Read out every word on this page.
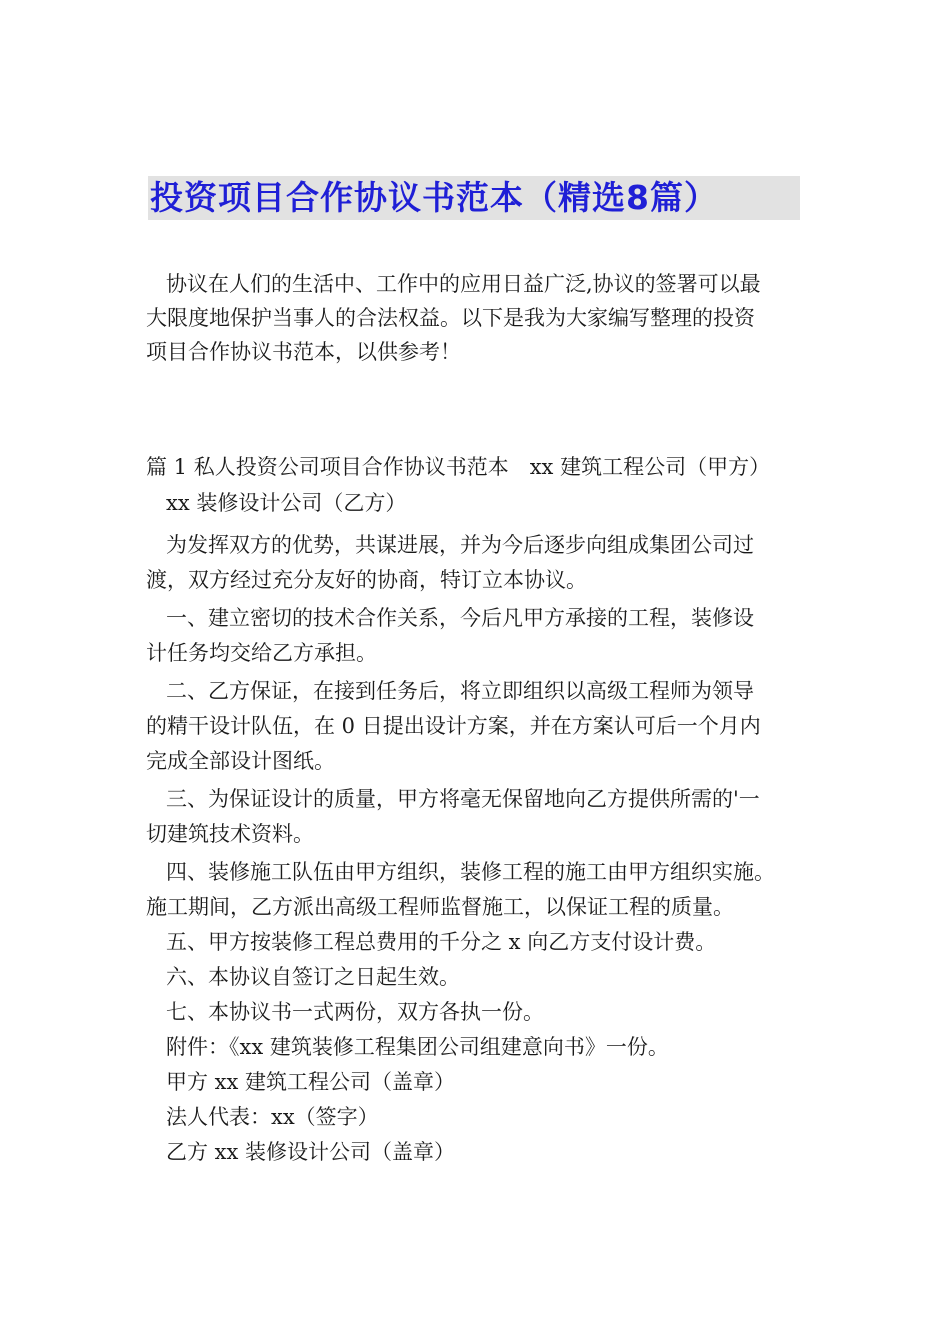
投资项目合作协议书范本（精选8篇）
协议在人们的生活中、工作中的应用日益广泛,协议的签署可以最
大限度地保护当事人的合法权益。以下是我为大家编写整理的投资
项目合作协议书范本，以供参考！
篇 1 私人投资公司项目合作协议书范本　xx 建筑工程公司（甲方）
xx 装修设计公司（乙方）
为发挥双方的优势，共谋进展，并为今后逐步向组成集团公司过
渡，双方经过充分友好的协商，特订立本协议。
一、建立密切的技术合作关系，今后凡甲方承接的工程，装修设
计任务均交给乙方承担。
二、乙方保证，在接到任务后，将立即组织以高级工程师为领导
的精干设计队伍，在 0 日提出设计方案，并在方案认可后一个月内
完成全部设计图纸。
三、为保证设计的质量，甲方将毫无保留地向乙方提供所需的'一
切建筑技术资料。
四、装修施工队伍由甲方组织，装修工程的施工由甲方组织实施。
施工期间，乙方派出高级工程师监督施工，以保证工程的质量。
五、甲方按装修工程总费用的千分之 x 向乙方支付设计费。
六、本协议自签订之日起生效。
七、本协议书一式两份，双方各执一份。
附件：《xx 建筑装修工程集团公司组建意向书》一份。
甲方 xx 建筑工程公司（盖章）
法人代表：xx（签字）
乙方 xx 装修设计公司（盖章）
